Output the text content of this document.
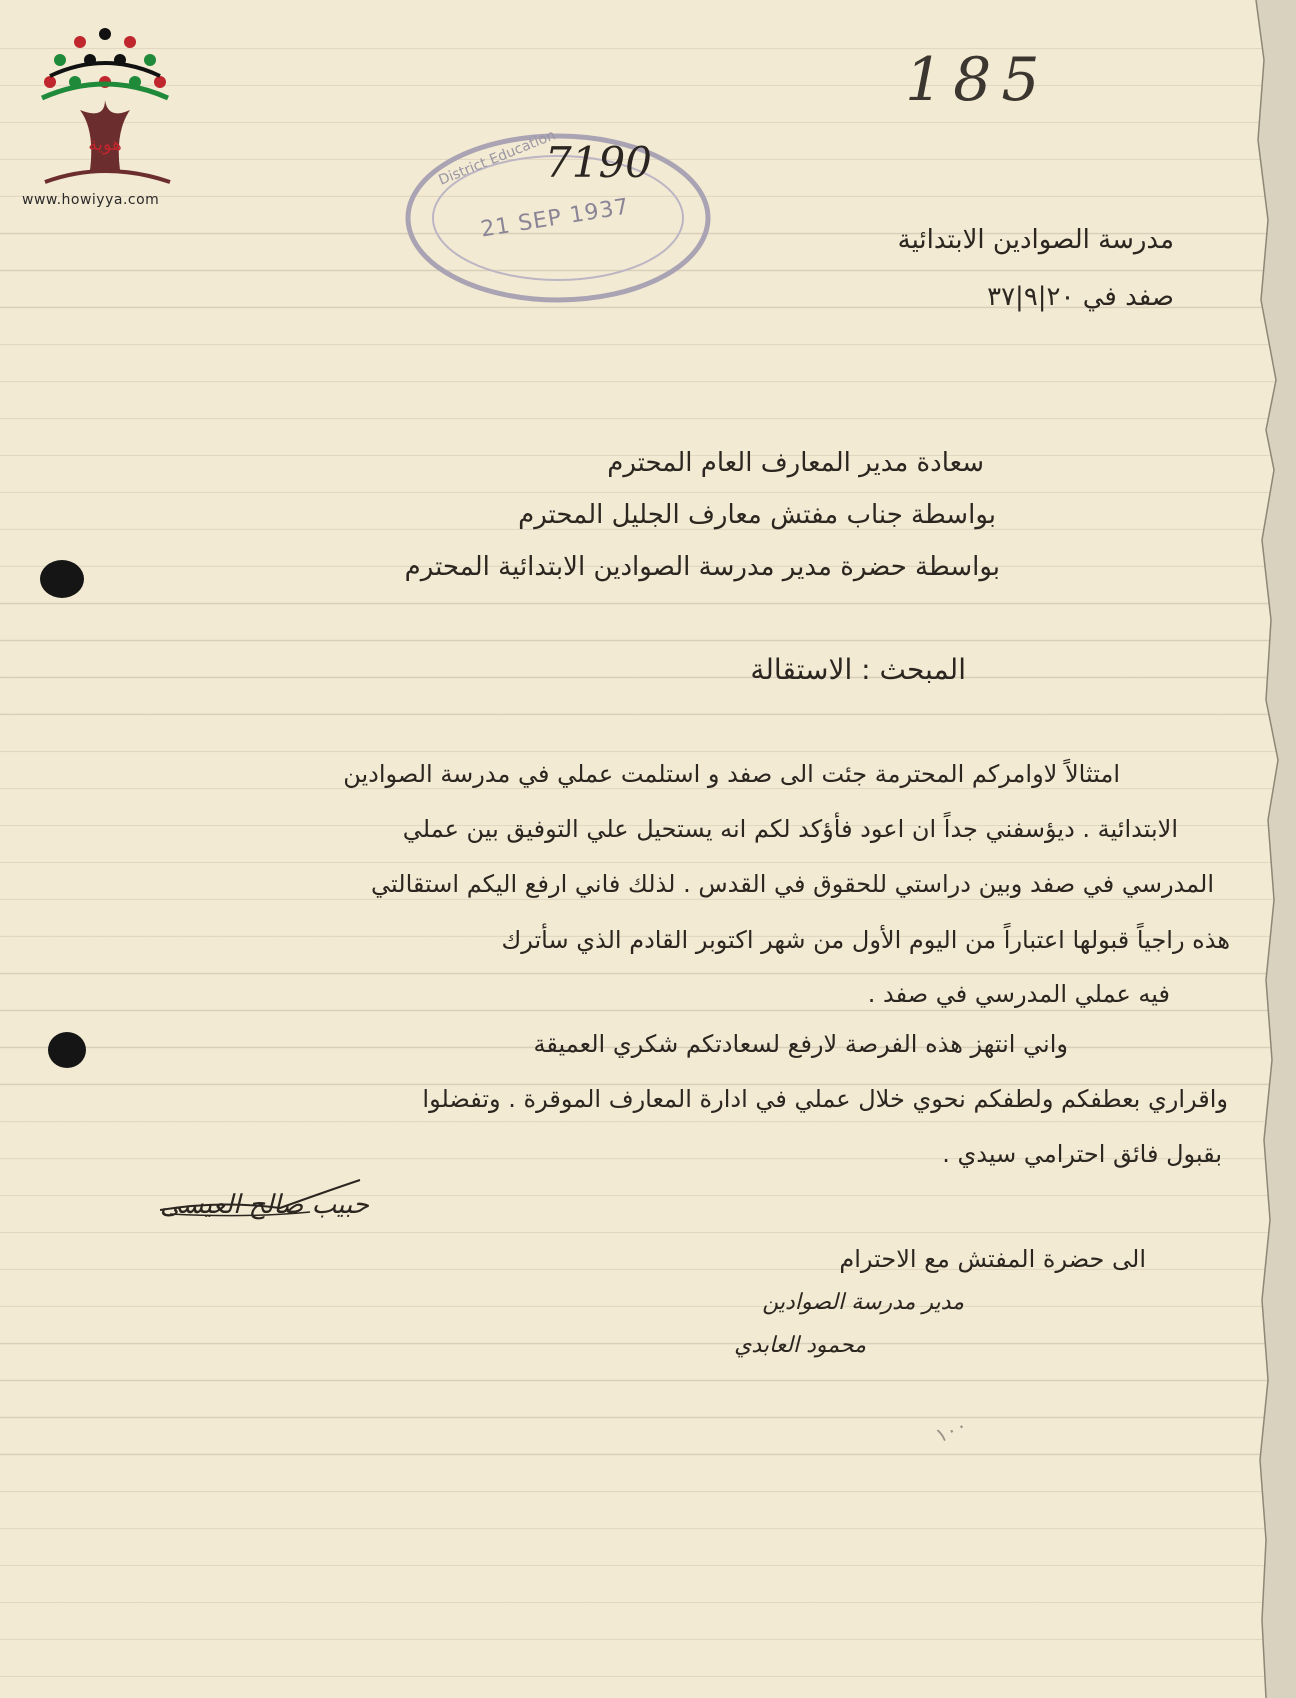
هوية
www.howiyya.com
185
District Education
21 SEP 1937
7190
مدرسة الصوادين الابتدائية
صفد في ٢٠|٩|٣٧
سعادة مدير المعارف العام المحترم
بواسطة جناب مفتش معارف الجليل المحترم
بواسطة حضرة مدير مدرسة الصوادين الابتدائية المحترم
المبحث : الاستقالة
امتثالاً لاوامركم المحترمة جئت الى صفد و استلمت عملي في مدرسة الصوادين
الابتدائية . ديؤسفني جداً ان اعود فأؤكد لكم انه يستحيل علي التوفيق بين عملي
المدرسي في صفد وبين دراستي للحقوق في القدس . لذلك فاني ارفع اليكم استقالتي
هذه راجياً قبولها اعتباراً من اليوم الأول من شهر اكتوبر القادم الذي سأترك
فيه عملي المدرسي في صفد .
واني انتهز هذه الفرصة لارفع لسعادتكم شكري العميقة
واقراري بعطفكم ولطفكم نحوي خلال عملي في ادارة المعارف الموقرة . وتفضلوا
بقبول فائق احترامي سيدي .
حبيب صالح العيسى
الى حضرة المفتش مع الاحترام
مدير مدرسة الصوادين
محمود العابدي
١٠٠
